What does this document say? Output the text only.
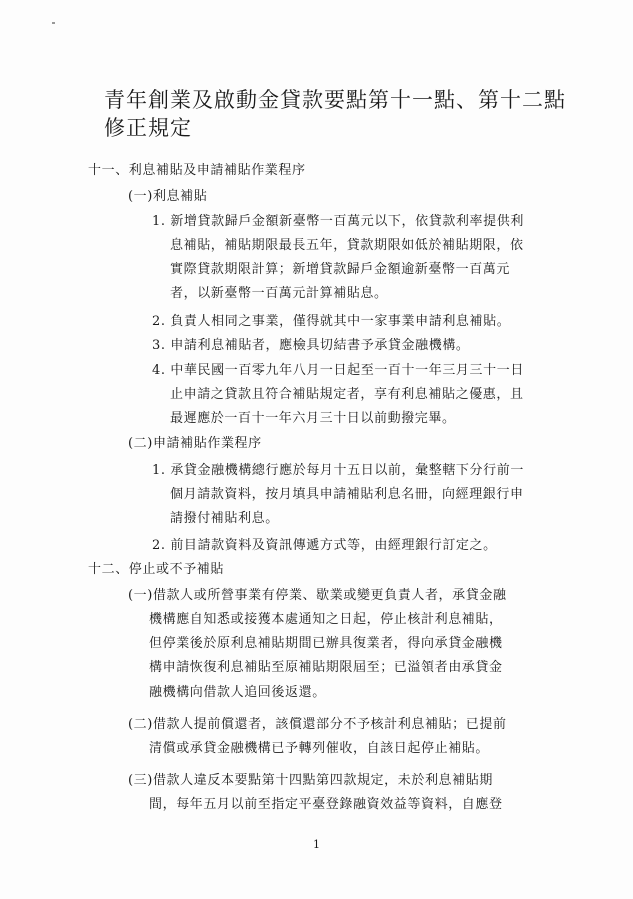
青年創業及啟動金貸款要點第十一點、第十二點
修正規定
十一、利息補貼及申請補貼作業程序
(一)利息補貼
1. 新增貸款歸戶金額新臺幣一百萬元以下，依貸款利率提供利
息補貼，補貼期限最長五年，貸款期限如低於補貼期限，依
實際貸款期限計算；新增貸款歸戶金額逾新臺幣一百萬元
者，以新臺幣一百萬元計算補貼息。
2. 負責人相同之事業，僅得就其中一家事業申請利息補貼。
3. 申請利息補貼者，應檢具切結書予承貸金融機構。
4. 中華民國一百零九年八月一日起至一百十一年三月三十一日
止申請之貸款且符合補貼規定者，享有利息補貼之優惠，且
最遲應於一百十一年六月三十日以前動撥完畢。
(二)申請補貼作業程序
1. 承貸金融機構總行應於每月十五日以前，彙整轄下分行前一
個月請款資料，按月填具申請補貼利息名冊，向經理銀行申
請撥付補貼利息。
2. 前目請款資料及資訊傳遞方式等，由經理銀行訂定之。
十二、停止或不予補貼
(一)借款人或所營事業有停業、歇業或變更負責人者，承貸金融
機構應自知悉或接獲本處通知之日起，停止核計利息補貼，
但停業後於原利息補貼期間已辦具復業者，得向承貸金融機
構申請恢復利息補貼至原補貼期限屆至；已溢領者由承貸金
融機構向借款人追回後返還。
(二)借款人提前償還者，該償還部分不予核計利息補貼；已提前
清償或承貸金融機構已予轉列催收，自該日起停止補貼。
(三)借款人違反本要點第十四點第四款規定，未於利息補貼期
間，每年五月以前至指定平臺登錄融資效益等資料，自應登
1
